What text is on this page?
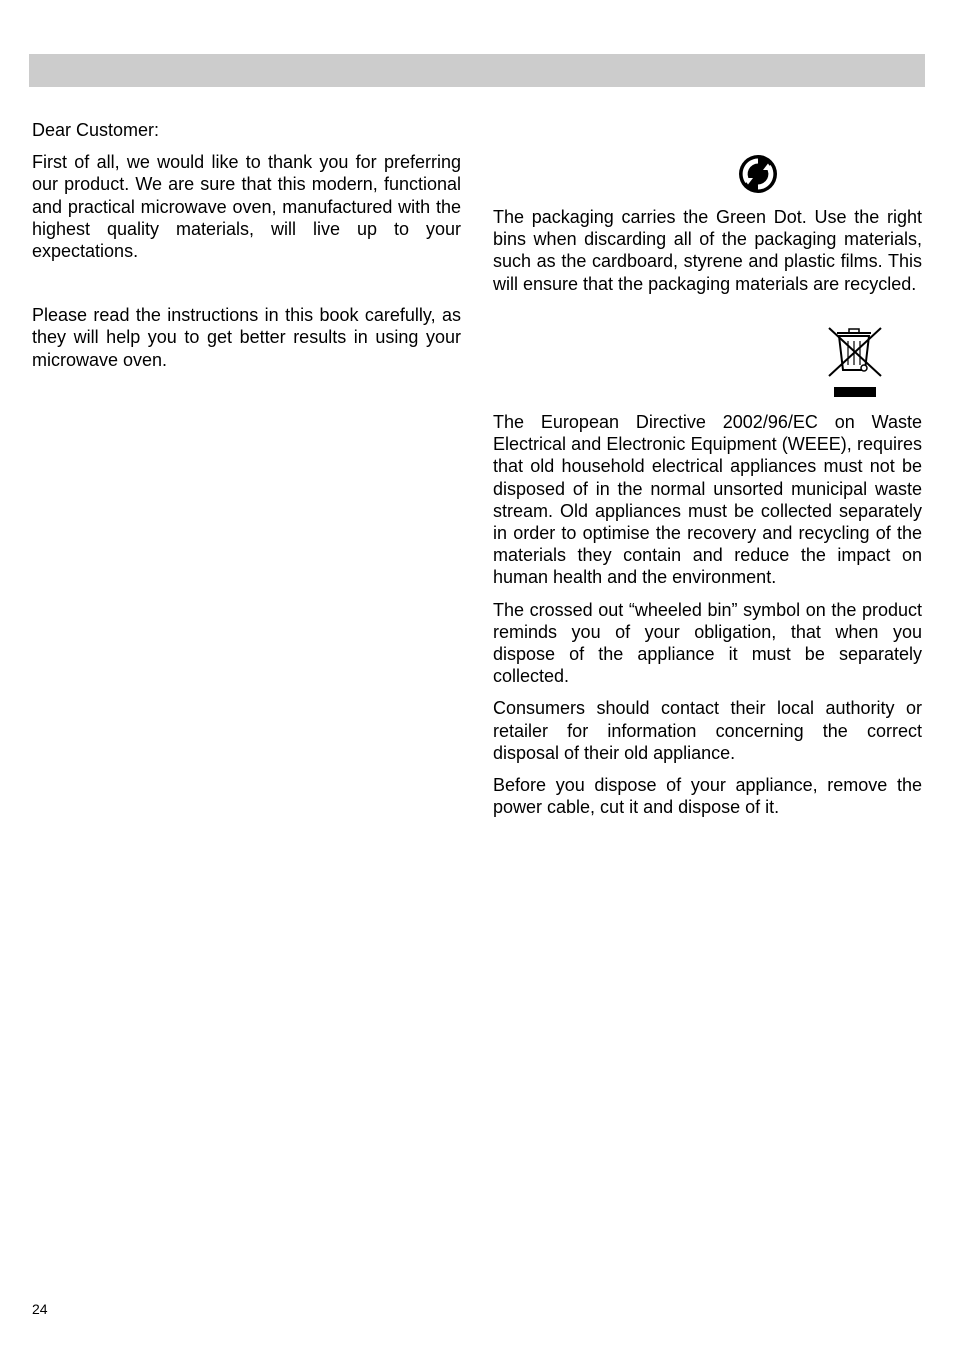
Dear Customer:

First of all, we would like to thank you for preferring our product. We are sure that this modern, functional and practical microwave oven, manufactured with the highest quality materials, will live up to your expectations.

Please read the instructions in this book carefully, as they will help you to get better results in using your microwave oven.

The packaging carries the Green Dot. Use the right bins when discarding all of the packaging materials, such as the cardboard, styrene and plastic films. This will ensure that the packaging materials are recycled.

The European Directive 2002/96/EC on Waste Electrical and Electronic Equipment (WEEE), requires that old household electrical appliances must not be disposed of in the normal unsorted municipal waste stream. Old appliances must be collected separately in order to optimise the recovery and recycling of the materials they contain and reduce the impact on human health and the environment.

The crossed out “wheeled bin” symbol on the product reminds you of your obligation, that when you dispose of the appliance it must be separately collected.

Consumers should contact their local authority or retailer for information concerning the correct disposal of their old appliance.

Before you dispose of your appliance, remove the power cable, cut it and dispose of it.

24
